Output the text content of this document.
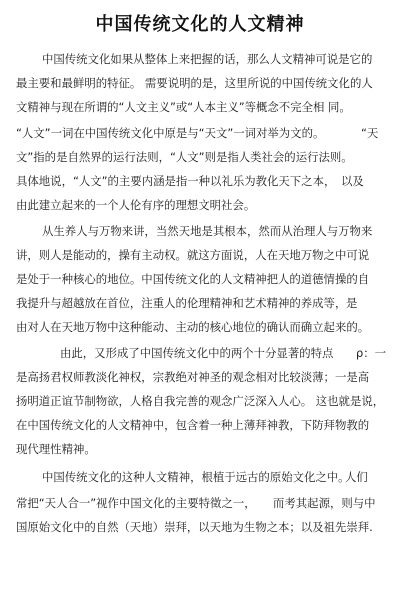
中国传统文化的人文精神
中国传统文化如果从整体上来把握的话，那么人文精神可说是它的
最主要和最鲜明的特征。 需要说明的是，这里所说的中国传统文化的人
文精神与现在所谓的“人文主义”或“人本主义”等概念不完全相 同。
“人文”一词在中国传统文化中原是与“天文”一词对举为文的。	“天
文”指的是自然界的运行法则，“人文”则是指人类社会的运行法则。
具体地说，“人文”的主要内涵是指一种以礼乐为教化天下之本， 以及
由此建立起来的一个人伦有序的理想文明社会。
从生养人与万物来讲，当然天地是其根本，然而从治理人与万物来
讲，则人是能动的，操有主动权。就这方面说，人在天地万物之中可说
是处于一种核心的地位。中国传统文化的人文精神把人的道德情操的自
我提升与超越放在首位，注重人的伦理精神和艺术精神的养成等， 是
由对人在天地万物中这种能动、主动的核心地位的确认而确立起来的。
由此，又形成了中国传统文化中的两个十分显著的特点	ρ：一
是高扬君权师教淡化神权，宗教绝对神圣的观念相对比较淡薄；一是高
扬明道正谊节制物欲，人格自我完善的观念广泛深入人心。 这也就是说，
在中国传统文化的人文精神中，包含着一种上薄拜神教，下防拜物教的
现代理性精神。
中国传统文化的这种人文精神，根植于远古的原始文化之中。
人们
常把“天人合一”视作中国文化的主要特徵之一， 而考其起源，则与中
国原始文化中的自然（天地）崇拜，以天地为生物之本；以及祖先崇拜.
